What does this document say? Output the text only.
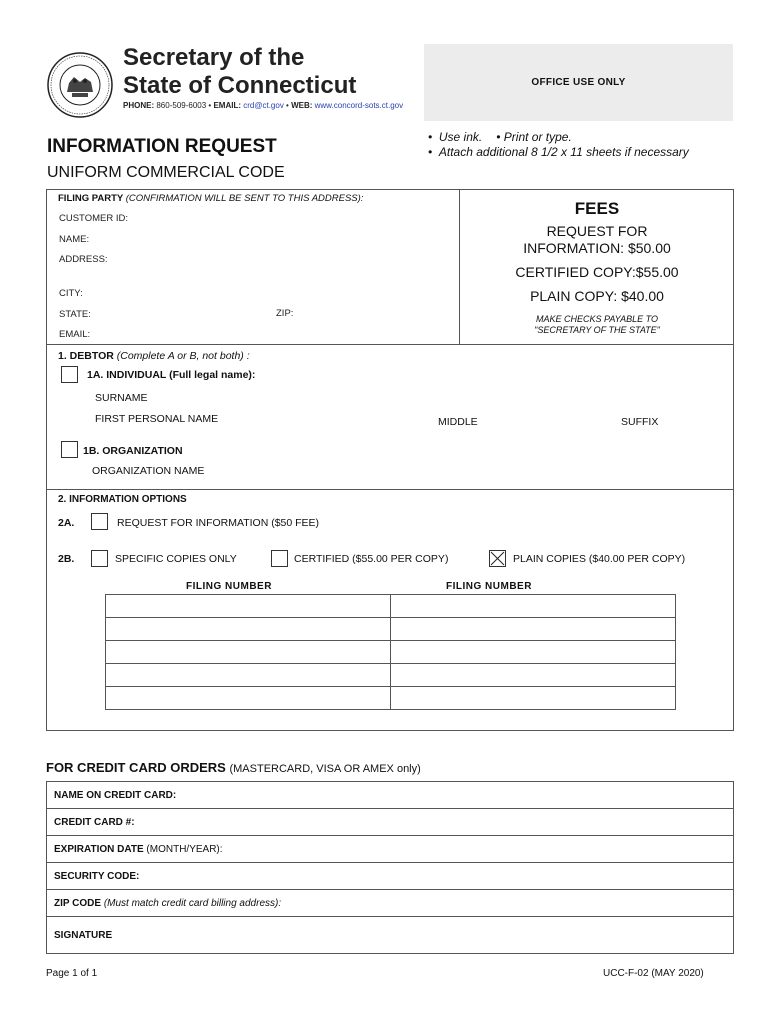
Secretary of the
State of Connecticut
PHONE: 860-509-6003 • EMAIL: crd@ct.gov • WEB: www.concord-sots.ct.gov
OFFICE USE ONLY
INFORMATION REQUEST
UNIFORM COMMERCIAL CODE
•  Use ink. • Print or type.
•  Attach additional 8 1/2 x 11 sheets if necessary
FILING PARTY (CONFIRMATION WILL BE SENT TO THIS ADDRESS):
CUSTOMER ID:
NAME:
ADDRESS:
CITY:
STATE:	ZIP:
EMAIL:
FEES
REQUEST FOR
INFORMATION: $50.00
CERTIFIED COPY:$55.00
PLAIN COPY: $40.00
MAKE CHECKS PAYABLE TO
"SECRETARY OF THE STATE"
1. DEBTOR (Complete A or B, not both) :
1A. INDIVIDUAL (Full legal name):
SURNAME
FIRST PERSONAL NAME	MIDDLE	SUFFIX
1B. ORGANIZATION
ORGANIZATION NAME
2. INFORMATION OPTIONS
2A.	REQUEST FOR INFORMATION ($50 FEE)
2B.	SPECIFIC COPIES ONLY	CERTIFIED ($55.00 PER COPY)	PLAIN COPIES ($40.00 PER COPY)
FILING NUMBER	FILING NUMBER

FOR CREDIT CARD ORDERS (MASTERCARD, VISA OR AMEX only)
NAME ON CREDIT CARD:
CREDIT CARD #:
EXPIRATION DATE (MONTH/YEAR):
SECURITY CODE:
ZIP CODE (Must match credit card billing address):
SIGNATURE
Page 1 of 1	UCC-F-02 (MAY 2020)
